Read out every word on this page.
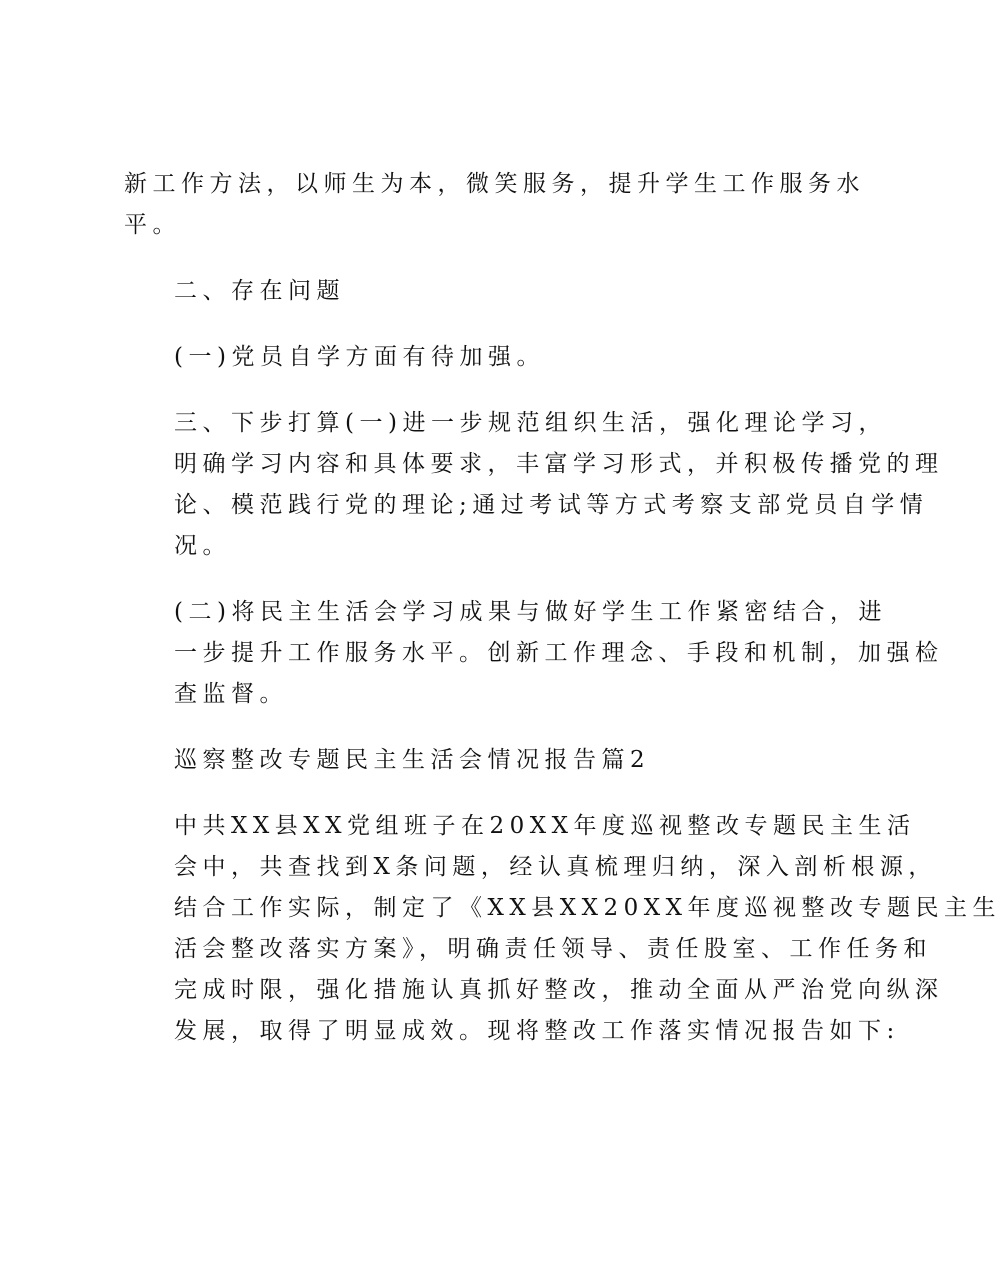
新工作方法，以师生为本，微笑服务，提升学生工作服务水
平。

二、存在问题

(一)党员自学方面有待加强。

三、下步打算(一)进一步规范组织生活，强化理论学习，
明确学习内容和具体要求，丰富学习形式，并积极传播党的理
论、模范践行党的理论;通过考试等方式考察支部党员自学情
况。

(二)将民主生活会学习成果与做好学生工作紧密结合，进
一步提升工作服务水平。创新工作理念、手段和机制，加强检
查监督。

巡察整改专题民主生活会情况报告篇2

中共XX县XX党组班子在20XX年度巡视整改专题民主生活
会中，共查找到X条问题，经认真梳理归纳，深入剖析根源，
结合工作实际，制定了《XX县XX20XX年度巡视整改专题民主生
活会整改落实方案》，明确责任领导、责任股室、工作任务和
完成时限，强化措施认真抓好整改，推动全面从严治党向纵深
发展，取得了明显成效。现将整改工作落实情况报告如下:
